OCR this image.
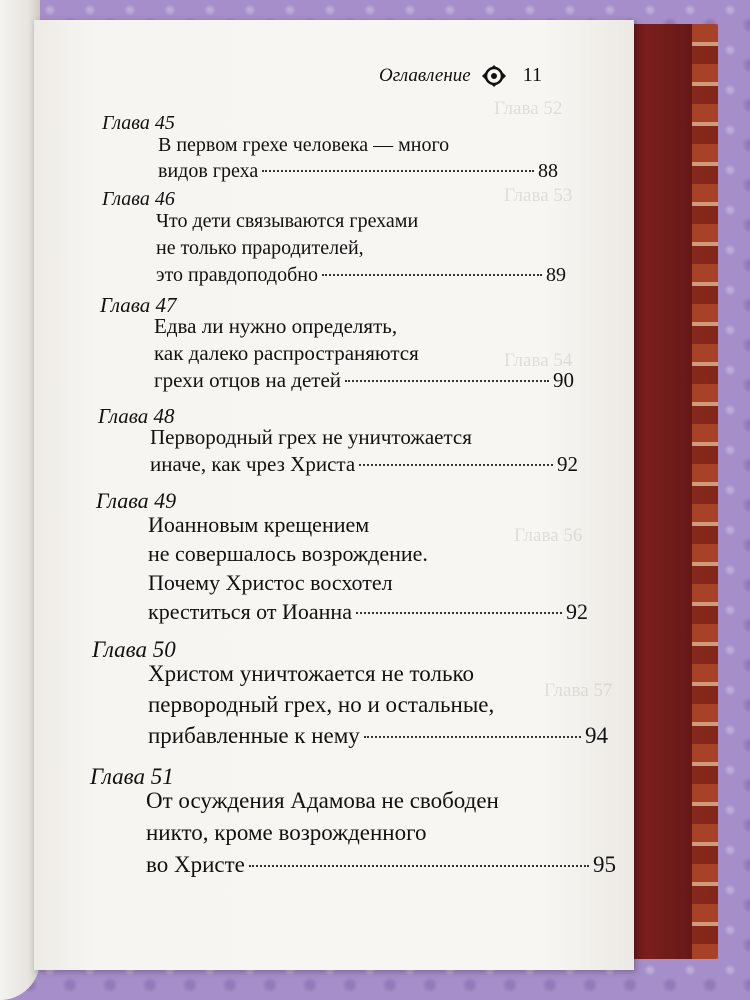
Глава 52
Глава 53
Глава 54
Глава 56
Глава 57
Оглавление	11
Глава 45
В первом грехе человека — много
видов греха	88
Глава 46
Что дети связываются грехами
не только прародителей,
это правдоподобно	89
Глава 47
Едва ли нужно определять,
как далеко распространяются
грехи отцов на детей	90
Глава 48
Первородный грех не уничтожается
иначе, как чрез Христа	92
Глава 49
Иоанновым крещением
не совершалось возрождение.
Почему Христос восхотел
креститься от Иоанна	92
Глава 50
Христом уничтожается не только
первородный грех, но и остальные,
прибавленные к нему	94
Глава 51
От осуждения Адамова не свободен
никто, кроме возрожденного
во Христе	95
